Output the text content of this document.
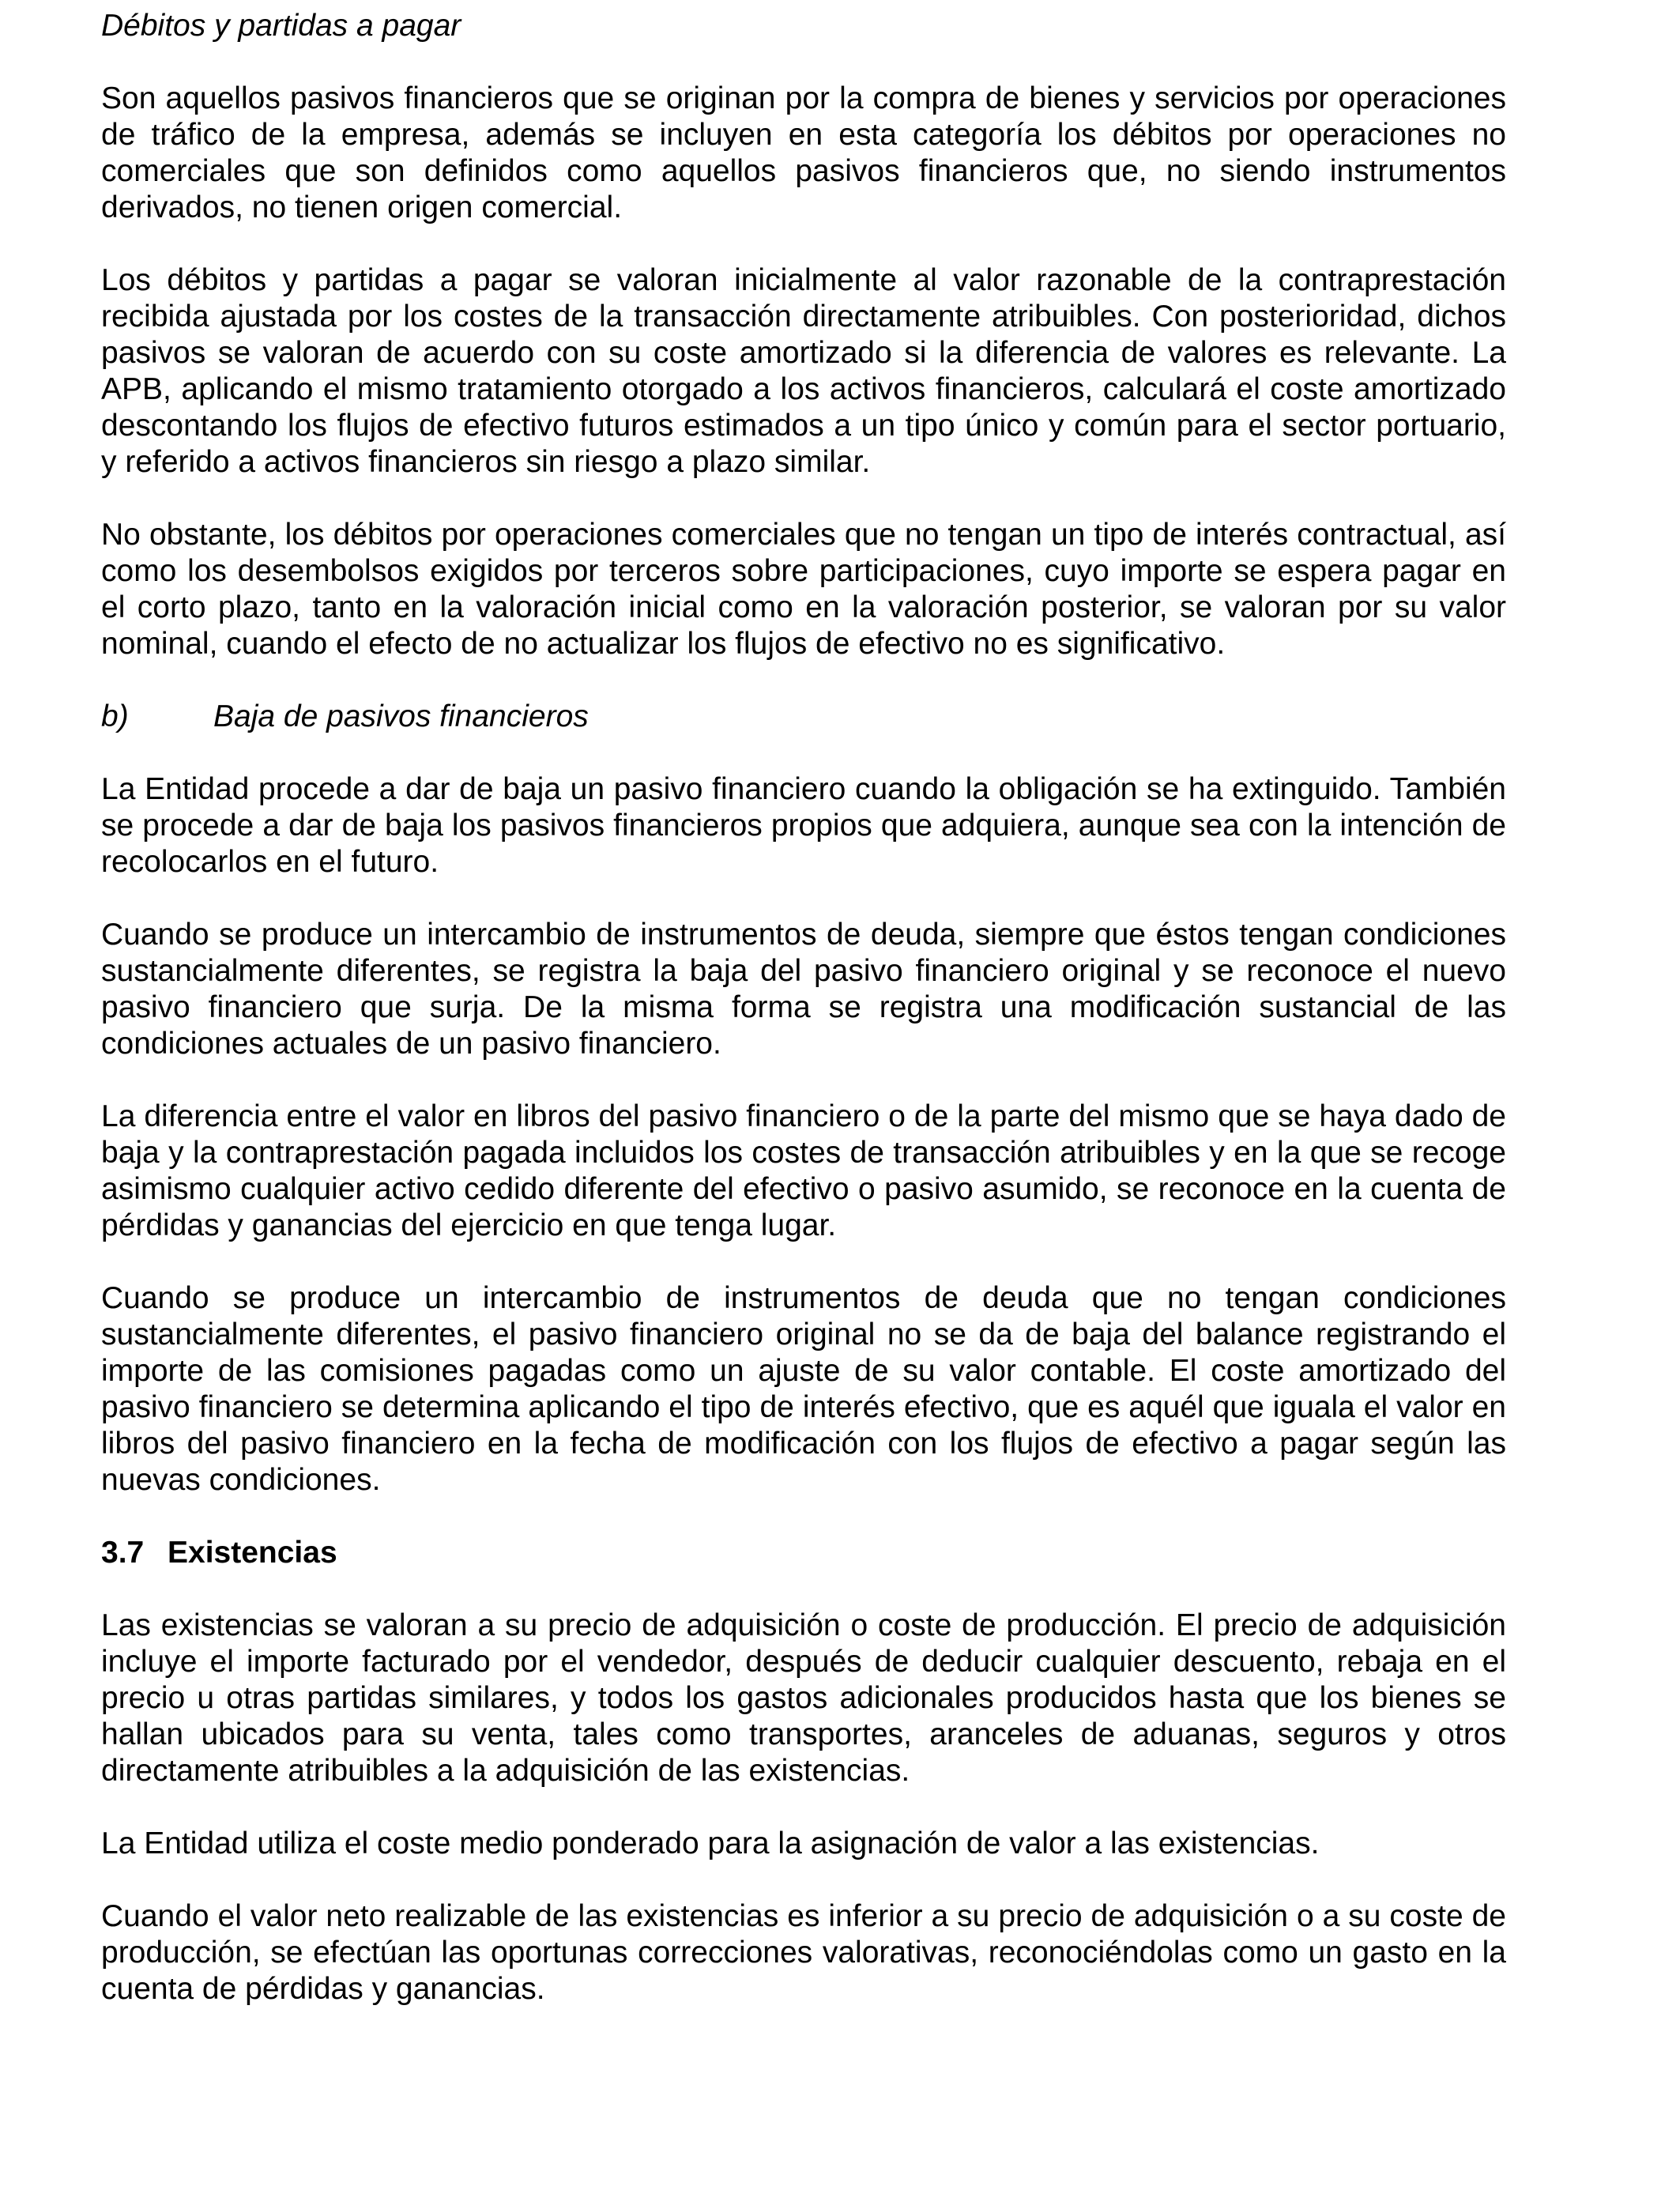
Débitos y partidas a pagar

Son aquellos pasivos financieros que se originan por la compra de bienes y servicios por operaciones de tráfico de la empresa, además se incluyen en esta categoría los débitos por operaciones no comerciales que son definidos como aquellos pasivos financieros que, no siendo instrumentos derivados, no tienen origen comercial.

Los débitos y partidas a pagar se valoran inicialmente al valor razonable de la contraprestación recibida ajustada por los costes de la transacción directamente atribuibles. Con posterioridad, dichos pasivos se valoran de acuerdo con su coste amortizado si la diferencia de valores es relevante. La APB, aplicando el mismo tratamiento otorgado a los activos financieros, calculará el coste amortizado descontando los flujos de efectivo futuros estimados a un tipo único y común para el sector portuario, y referido a activos financieros sin riesgo a plazo similar.

No obstante, los débitos por operaciones comerciales que no tengan un tipo de interés contractual, así como los desembolsos exigidos por terceros sobre participaciones, cuyo importe se espera pagar en el corto plazo, tanto en la valoración inicial como en la valoración posterior, se valoran por su valor nominal, cuando el efecto de no actualizar los flujos de efectivo no es significativo.

b)	Baja de pasivos financieros

La Entidad procede a dar de baja un pasivo financiero cuando la obligación se ha extinguido. También se procede a dar de baja los pasivos financieros propios que adquiera, aunque sea con la intención de recolocarlos en el futuro.

Cuando se produce un intercambio de instrumentos de deuda, siempre que éstos tengan condiciones sustancialmente diferentes, se registra la baja del pasivo financiero original y se reconoce el nuevo pasivo financiero que surja. De la misma forma se registra una modificación sustancial de las condiciones actuales de un pasivo financiero.

La diferencia entre el valor en libros del pasivo financiero o de la parte del mismo que se haya dado de baja y la contraprestación pagada incluidos los costes de transacción atribuibles y en la que se recoge asimismo cualquier activo cedido diferente del efectivo o pasivo asumido, se reconoce en la cuenta de pérdidas y ganancias del ejercicio en que tenga lugar.

Cuando se produce un intercambio de instrumentos de deuda que no tengan condiciones sustancialmente diferentes, el pasivo financiero original no se da de baja del balance registrando el importe de las comisiones pagadas como un ajuste de su valor contable. El coste amortizado del pasivo financiero se determina aplicando el tipo de interés efectivo, que es aquél que iguala el valor en libros del pasivo financiero en la fecha de modificación con los flujos de efectivo a pagar según las nuevas condiciones.

3.7 Existencias

Las existencias se valoran a su precio de adquisición o coste de producción. El precio de adquisición incluye el importe facturado por el vendedor, después de deducir cualquier descuento, rebaja en el precio u otras partidas similares, y todos los gastos adicionales producidos hasta que los bienes se hallan ubicados para su venta, tales como transportes, aranceles de aduanas, seguros y otros directamente atribuibles a la adquisición de las existencias.

La Entidad utiliza el coste medio ponderado para la asignación de valor a las existencias.

Cuando el valor neto realizable de las existencias es inferior a su precio de adquisición o a su coste de producción, se efectúan las oportunas correcciones valorativas, reconociéndolas como un gasto en la cuenta de pérdidas y ganancias.
